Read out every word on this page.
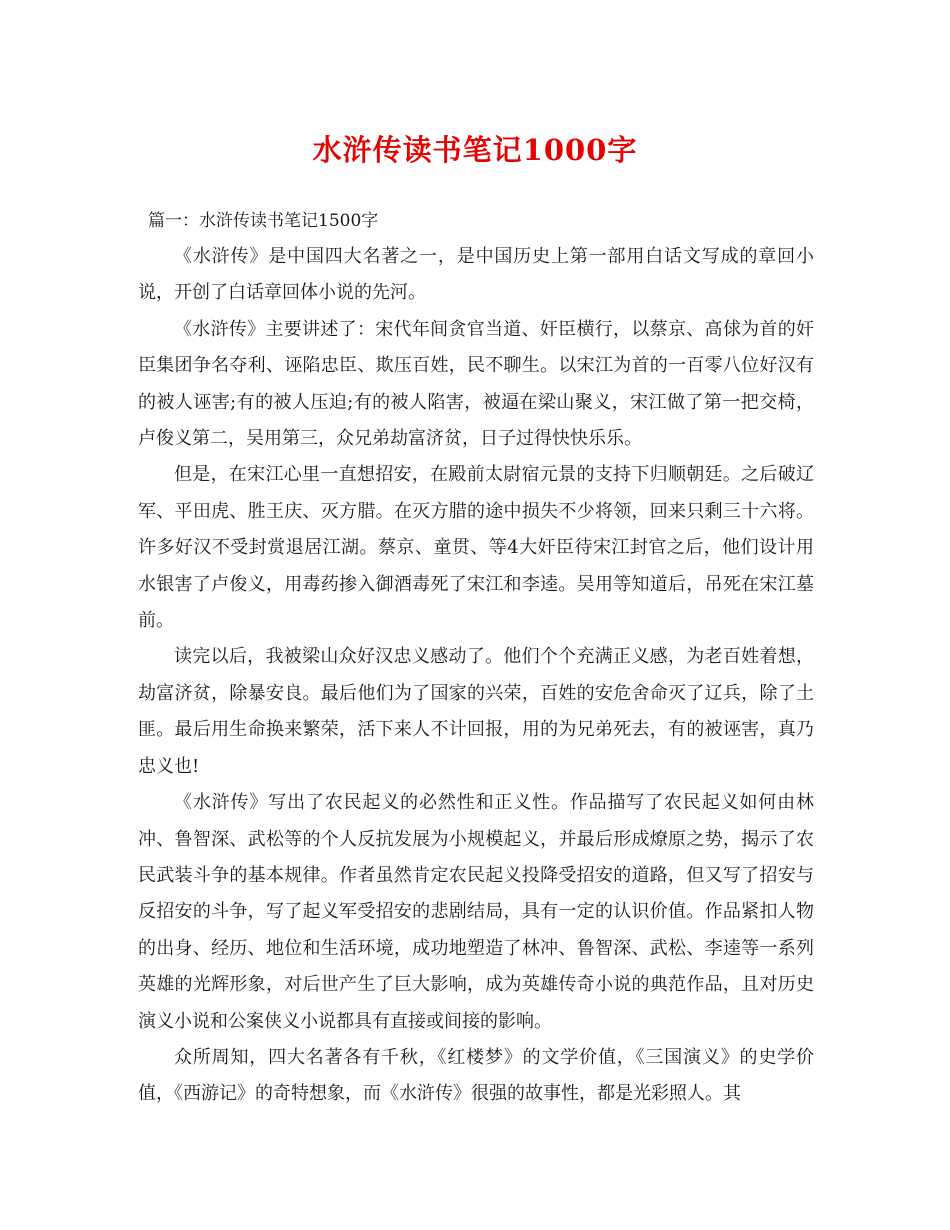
水浒传读书笔记1000字

篇一：水浒传读书笔记1500字

《水浒传》是中国四大名著之一，是中国历史上第一部用白话文写成的章回小说，开创了白话章回体小说的先河。

《水浒传》主要讲述了：宋代年间贪官当道、奸臣横行，以蔡京、高俅为首的奸臣集团争名夺利、诬陷忠臣、欺压百姓，民不聊生。以宋江为首的一百零八位好汉有的被人诬害;有的被人压迫;有的被人陷害，被逼在梁山聚义，宋江做了第一把交椅，卢俊义第二，吴用第三，众兄弟劫富济贫，日子过得快快乐乐。

但是，在宋江心里一直想招安，在殿前太尉宿元景的支持下归顺朝廷。之后破辽军、平田虎、胜王庆、灭方腊。在灭方腊的途中损失不少将领，回来只剩三十六将。许多好汉不受封赏退居江湖。蔡京、童贯、等4大奸臣待宋江封官之后，他们设计用水银害了卢俊义，用毒药掺入御酒毒死了宋江和李逵。吴用等知道后，吊死在宋江墓前。

读完以后，我被梁山众好汉忠义感动了。他们个个充满正义感，为老百姓着想，劫富济贫，除暴安良。最后他们为了国家的兴荣，百姓的安危舍命灭了辽兵，除了土匪。最后用生命换来繁荣，活下来人不计回报，用的为兄弟死去，有的被诬害，真乃忠义也!

《水浒传》写出了农民起义的必然性和正义性。作品描写了农民起义如何由林冲、鲁智深、武松等的个人反抗发展为小规模起义，并最后形成燎原之势，揭示了农民武装斗争的基本规律。作者虽然肯定农民起义投降受招安的道路，但又写了招安与反招安的斗争，写了起义军受招安的悲剧结局，具有一定的认识价值。作品紧扣人物的出身、经历、地位和生活环境，成功地塑造了林冲、鲁智深、武松、李逵等一系列英雄的光辉形象，对后世产生了巨大影响，成为英雄传奇小说的典范作品，且对历史演义小说和公案侠义小说都具有直接或间接的影响。

众所周知，四大名著各有千秋，《红楼梦》的文学价值，《三国演义》的史学价值，《西游记》的奇特想象，而《水浒传》很强的故事性，都是光彩照人。其
